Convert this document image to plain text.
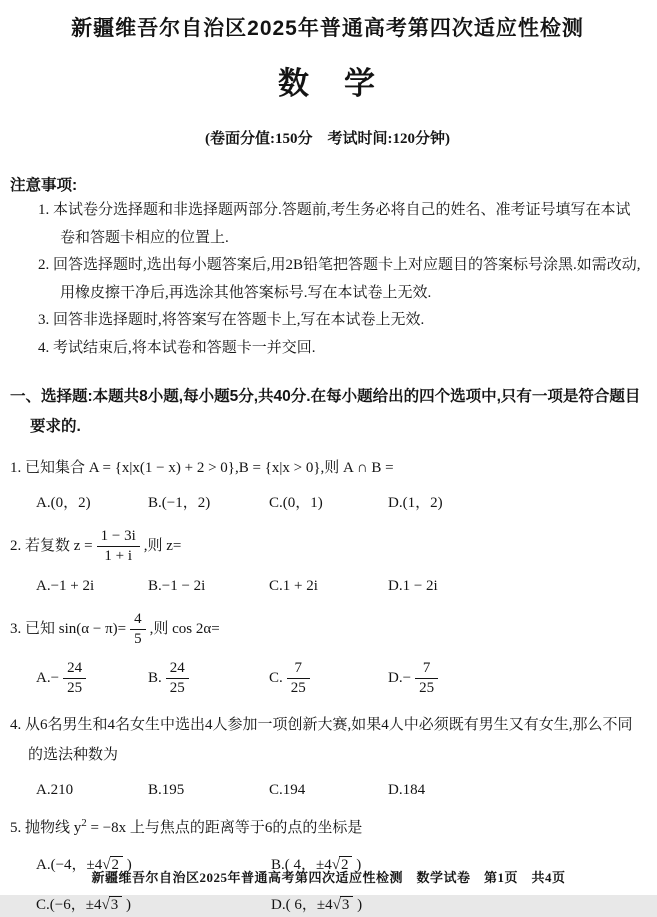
新疆维吾尔自治区2025年普通高考第四次适应性检测
数　学
(卷面分值:150分　考试时间:120分钟)
注意事项:
1. 本试卷分选择题和非选择题两部分.答题前,考生务必将自己的姓名、准考证号填写在本试卷和答题卡相应的位置上.
2. 回答选择题时,选出每小题答案后,用2B铅笔把答题卡上对应题目的答案标号涂黑.如需改动,用橡皮擦干净后,再选涂其他答案标号.写在本试卷上无效.
3. 回答非选择题时,将答案写在答题卡上,写在本试卷上无效.
4. 考试结束后,将本试卷和答题卡一并交回.
一、选择题:本题共8小题,每小题5分,共40分.在每小题给出的四个选项中,只有一项是符合题目要求的.
1. 已知集合 A = {x|x(1 − x) + 2 > 0},B = {x|x > 0},则 A ∩ B =
A.(0，2)	B.(−1，2)	C.(0，1)	D.(1，2)
2. 若复数 $z = \frac{1 - 3i}{1 + i}$ ,则 z=
A.−1 + 2i	B.−1 − 2i	C.1 + 2i	D.1 − 2i
3. 已知 $\sin(\alpha - \pi)= \frac{4}{5}$ ,则 cos 2α=
A. − $\frac{24}{25}$	B. $\frac{24}{25}$	C. $\frac{7}{25}$	D. − $\frac{7}{25}$
4. 从6名男生和4名女生中选出4人参加一项创新大赛,如果4人中必须既有男生又有女生,那么不同的选法种数为
A.210	B.195	C.194	D.184
5. 抛物线 $y^2 = -8x$ 上与焦点的距离等于6的点的坐标是
A.(−4，±4√ 2 )	B.( 4，±4√ 2 )
C.(−6，±4√ 3 )	D.( 6，±4√ 3 )
新疆维吾尔自治区2025年普通高考第四次适应性检测　数学试卷　第1页　共4页
